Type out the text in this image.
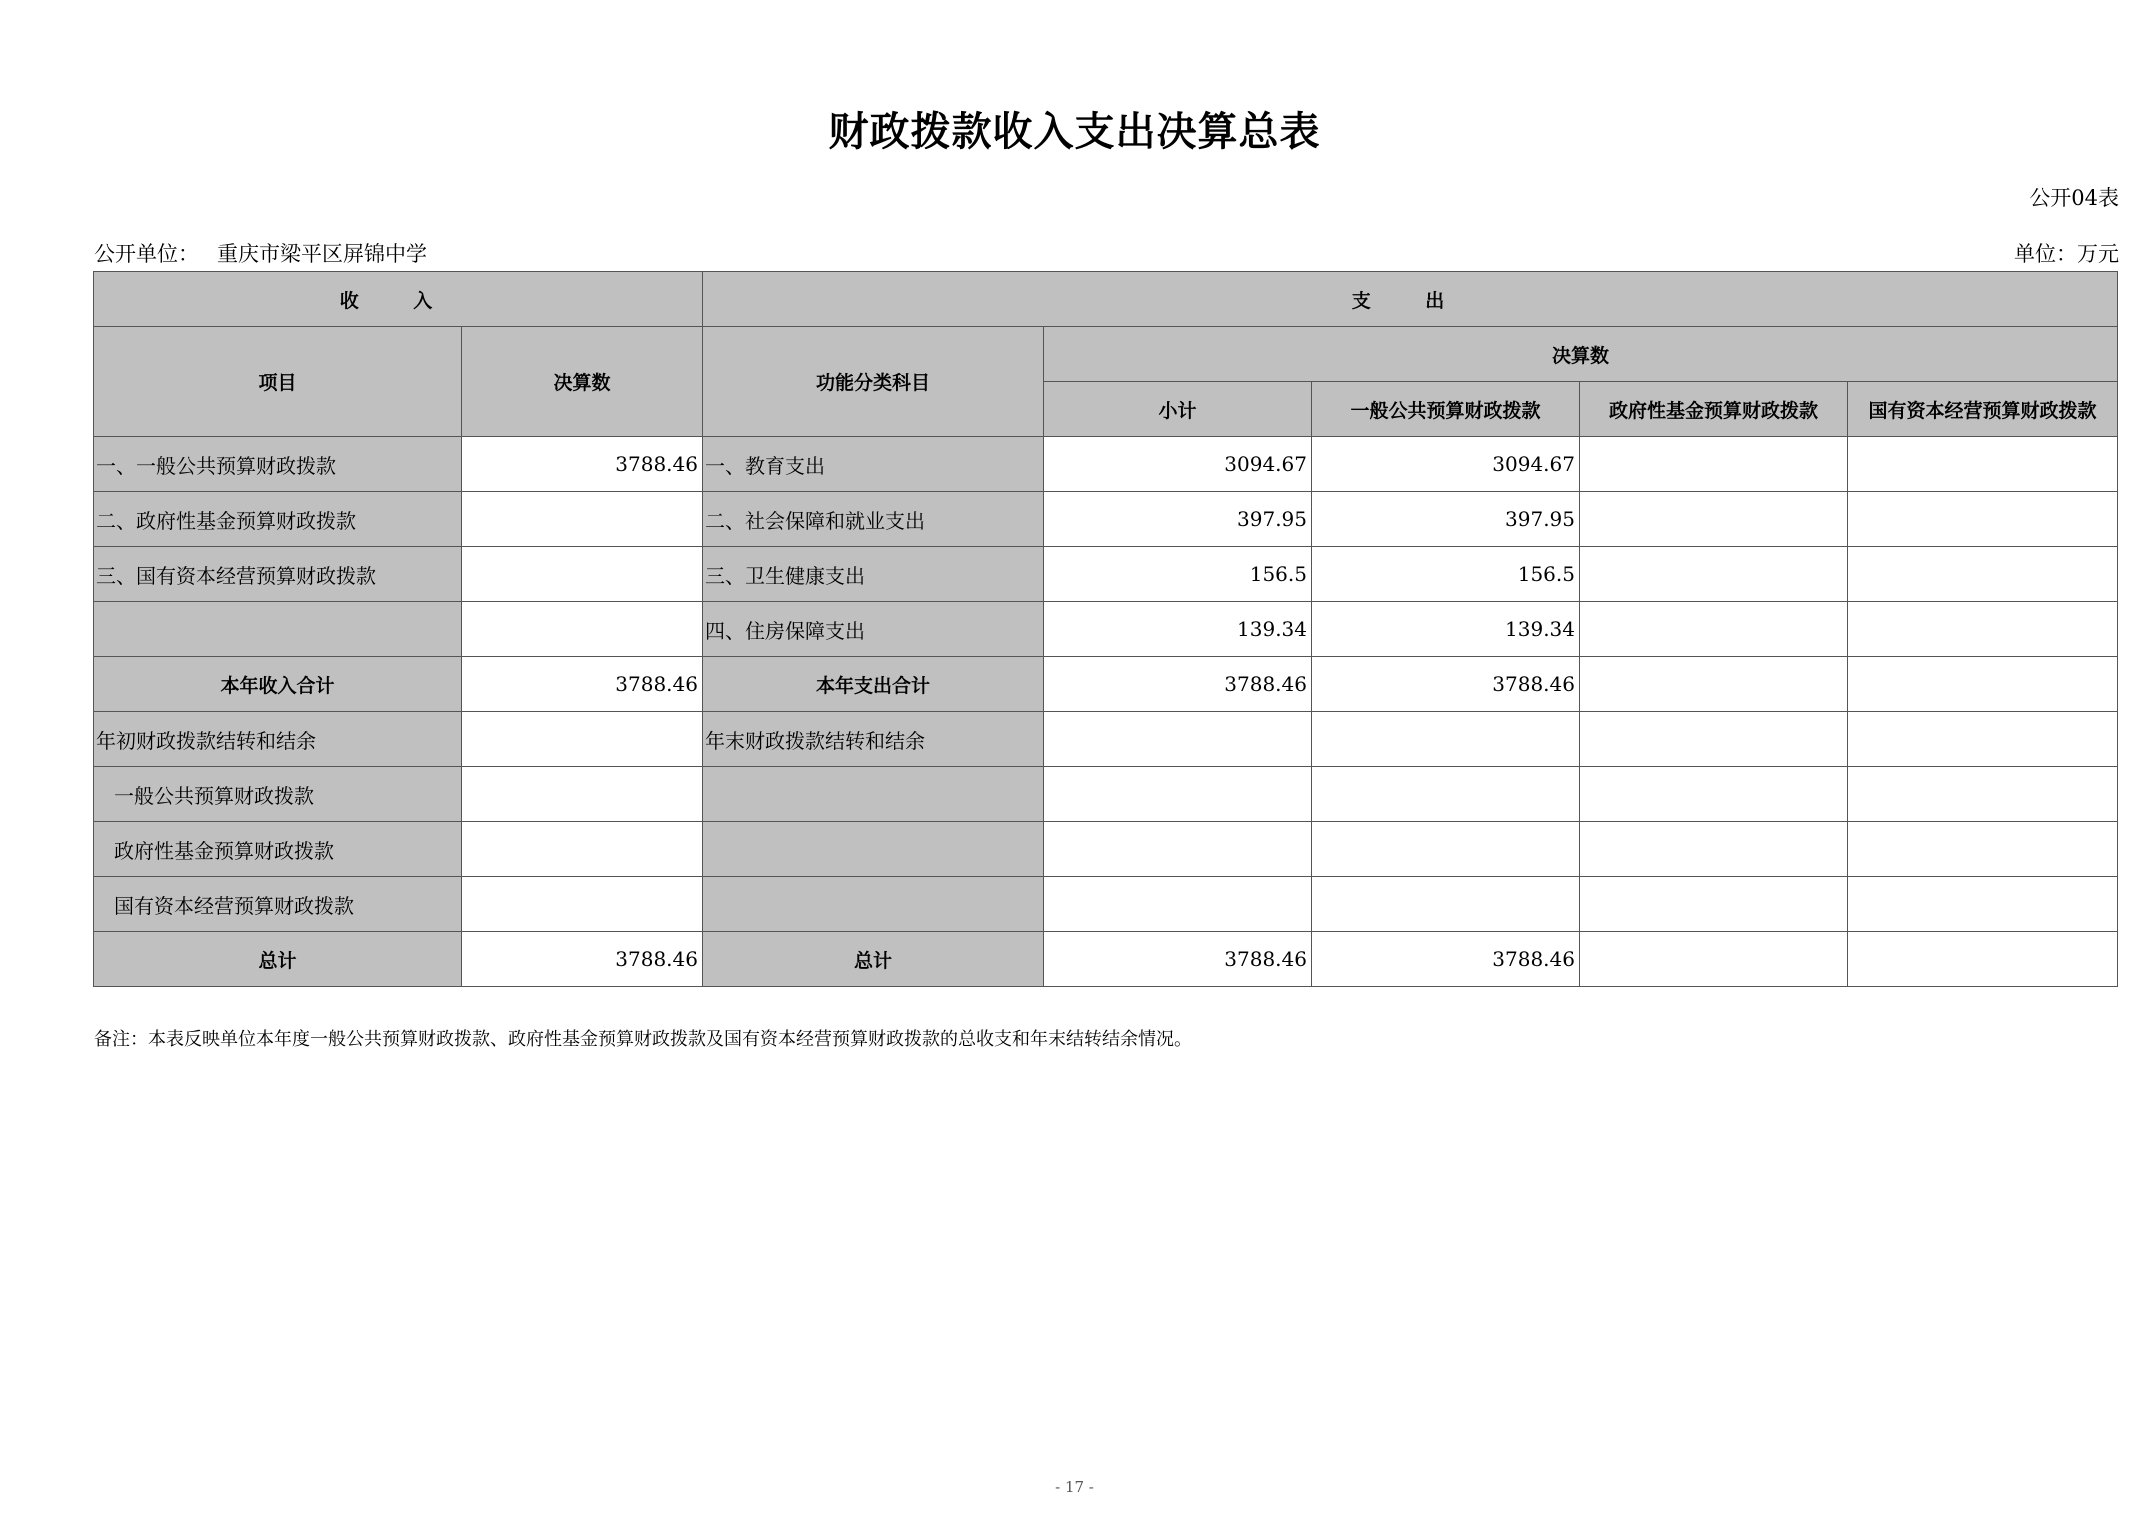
财政拨款收入支出决算总表
公开04表
公开单位： 重庆市梁平区屏锦中学	单位：万元
收 入		支 出				
项目	决算数	功能分类科目	决算数			
			小计	一般公共预算财政拨款	政府性基金预算财政拨款	国有资本经营预算财政拨款
一、一般公共预算财政拨款	3788.46	一、教育支出	3094.67	3094.67		
二、政府性基金预算财政拨款		二、社会保障和就业支出	397.95	397.95		
三、国有资本经营预算财政拨款		三、卫生健康支出	156.5	156.5		
		四、住房保障支出	139.34	139.34		
本年收入合计	3788.46	本年支出合计	3788.46	3788.46		
年初财政拨款结转和结余		年末财政拨款结转和结余				
一般公共预算财政拨款						
政府性基金预算财政拨款						
国有资本经营预算财政拨款						
总计	3788.46	总计	3788.46	3788.46		
备注：本表反映单位本年度一般公共预算财政拨款、政府性基金预算财政拨款及国有资本经营预算财政拨款的总收支和年末结转结余情况。
- 17 -
